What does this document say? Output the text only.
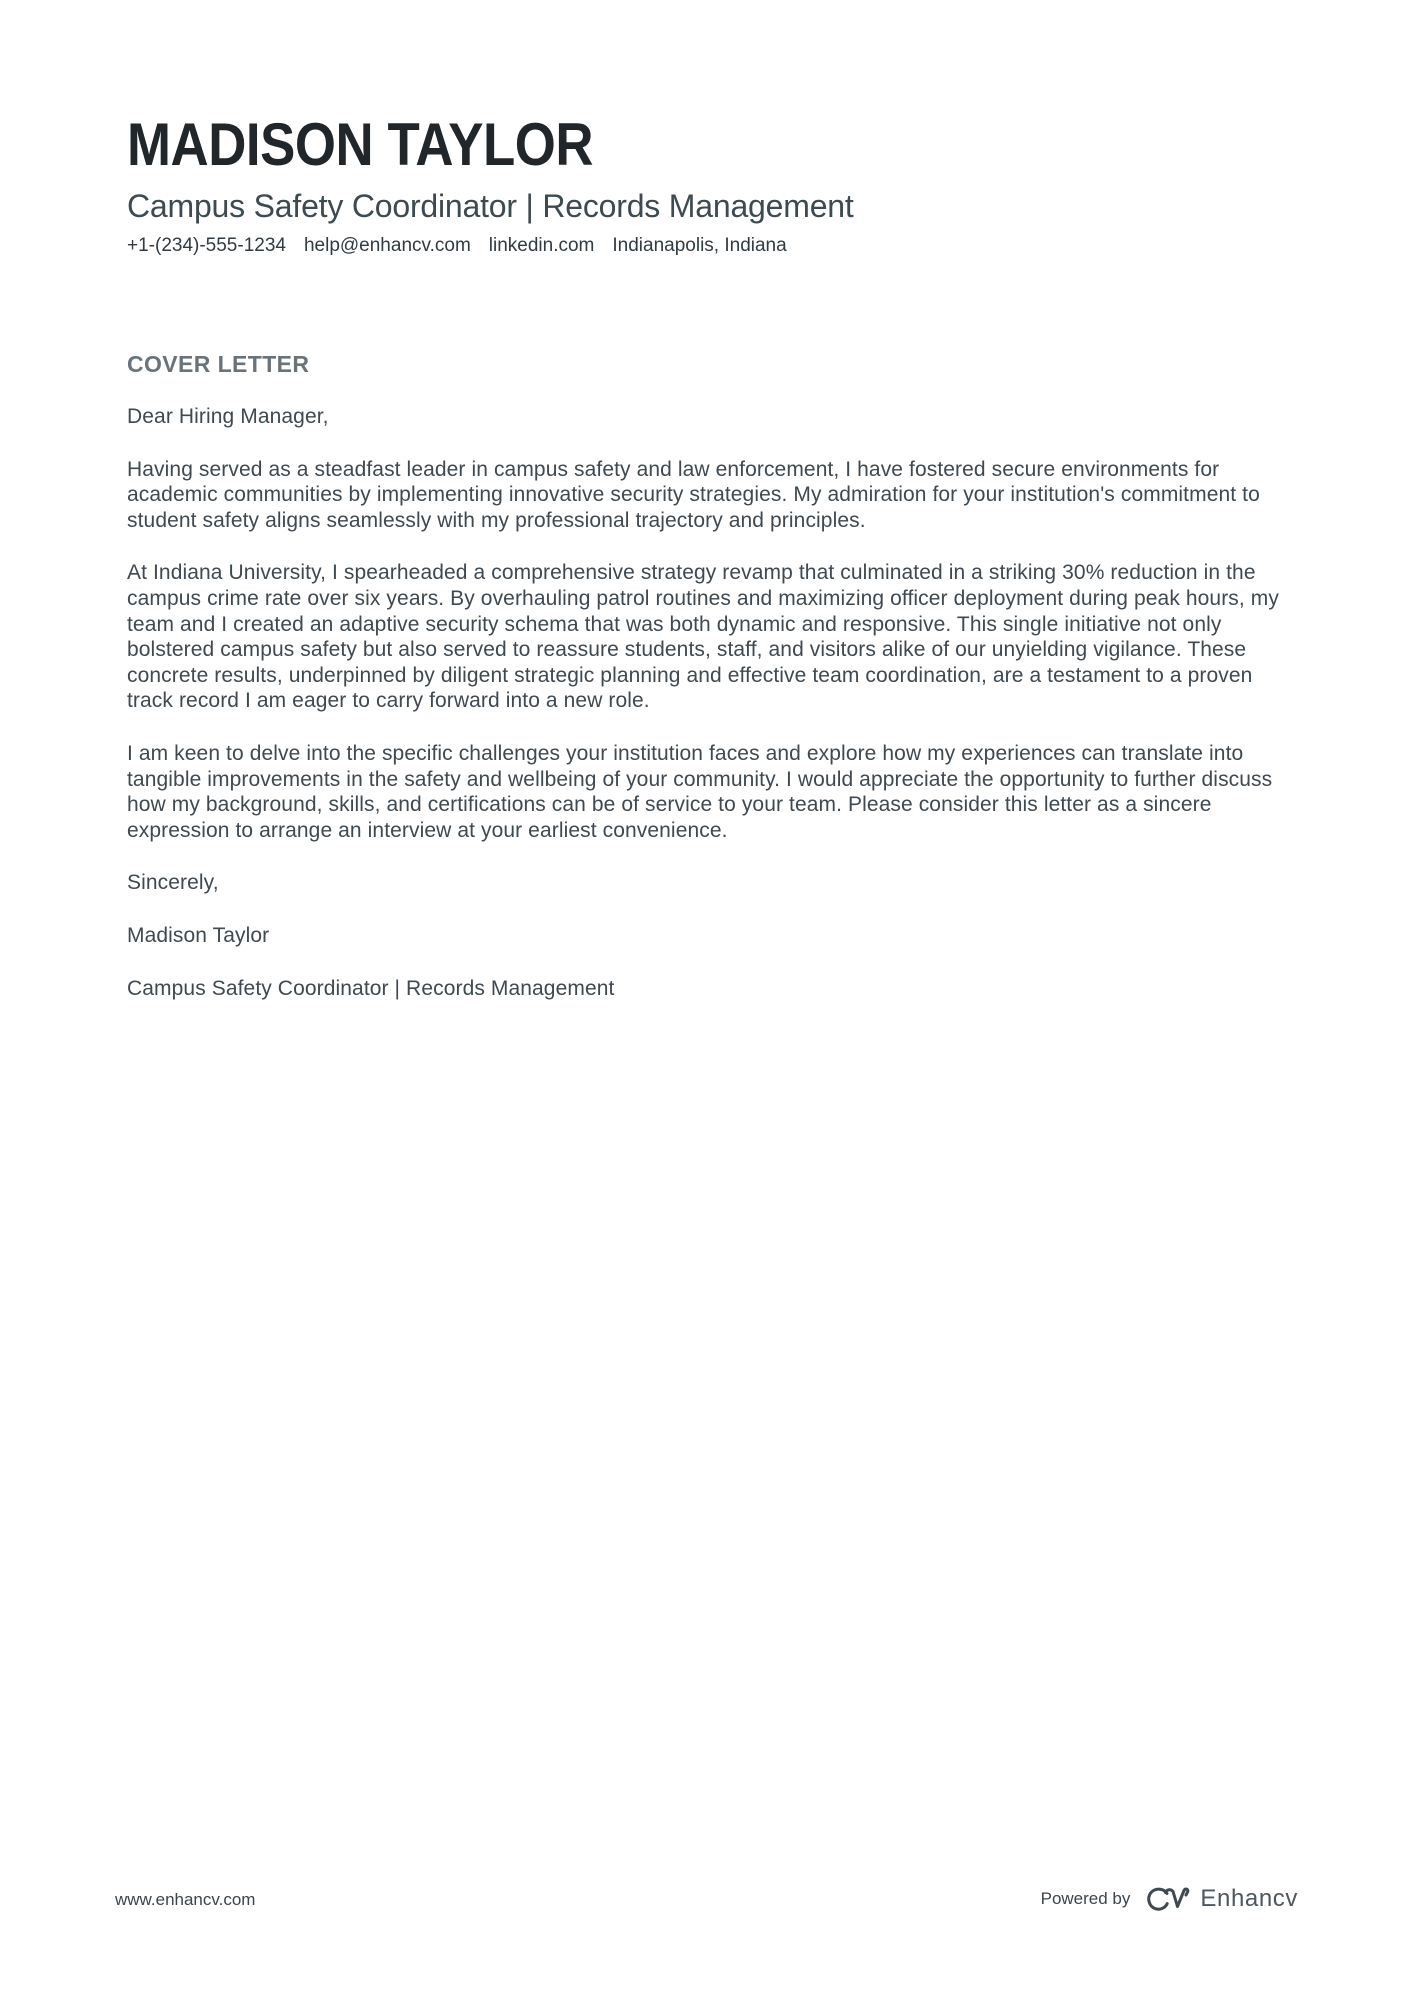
MADISON TAYLOR

Campus Safety Coordinator | Records Management

+1-(234)-555-1234 help@enhancv.com linkedin.com Indianapolis, Indiana
COVER LETTER

Dear Hiring Manager,

Having served as a steadfast leader in campus safety and law enforcement, I have fostered secure environments for academic communities by implementing innovative security strategies. My admiration for your institution's commitment to student safety aligns seamlessly with my professional trajectory and principles.

At Indiana University, I spearheaded a comprehensive strategy revamp that culminated in a striking 30% reduction in the campus crime rate over six years. By overhauling patrol routines and maximizing officer deployment during peak hours, my team and I created an adaptive security schema that was both dynamic and responsive. This single initiative not only bolstered campus safety but also served to reassure students, staff, and visitors alike of our unyielding vigilance. These concrete results, underpinned by diligent strategic planning and effective team coordination, are a testament to a proven track record I am eager to carry forward into a new role.

I am keen to delve into the specific challenges your institution faces and explore how my experiences can translate into tangible improvements in the safety and wellbeing of your community. I would appreciate the opportunity to further discuss how my background, skills, and certifications can be of service to your team. Please consider this letter as a sincere expression to arrange an interview at your earliest convenience.

Sincerely,

Madison Taylor

Campus Safety Coordinator | Records Management

www.enhancv.com	Powered by	Enhancv
